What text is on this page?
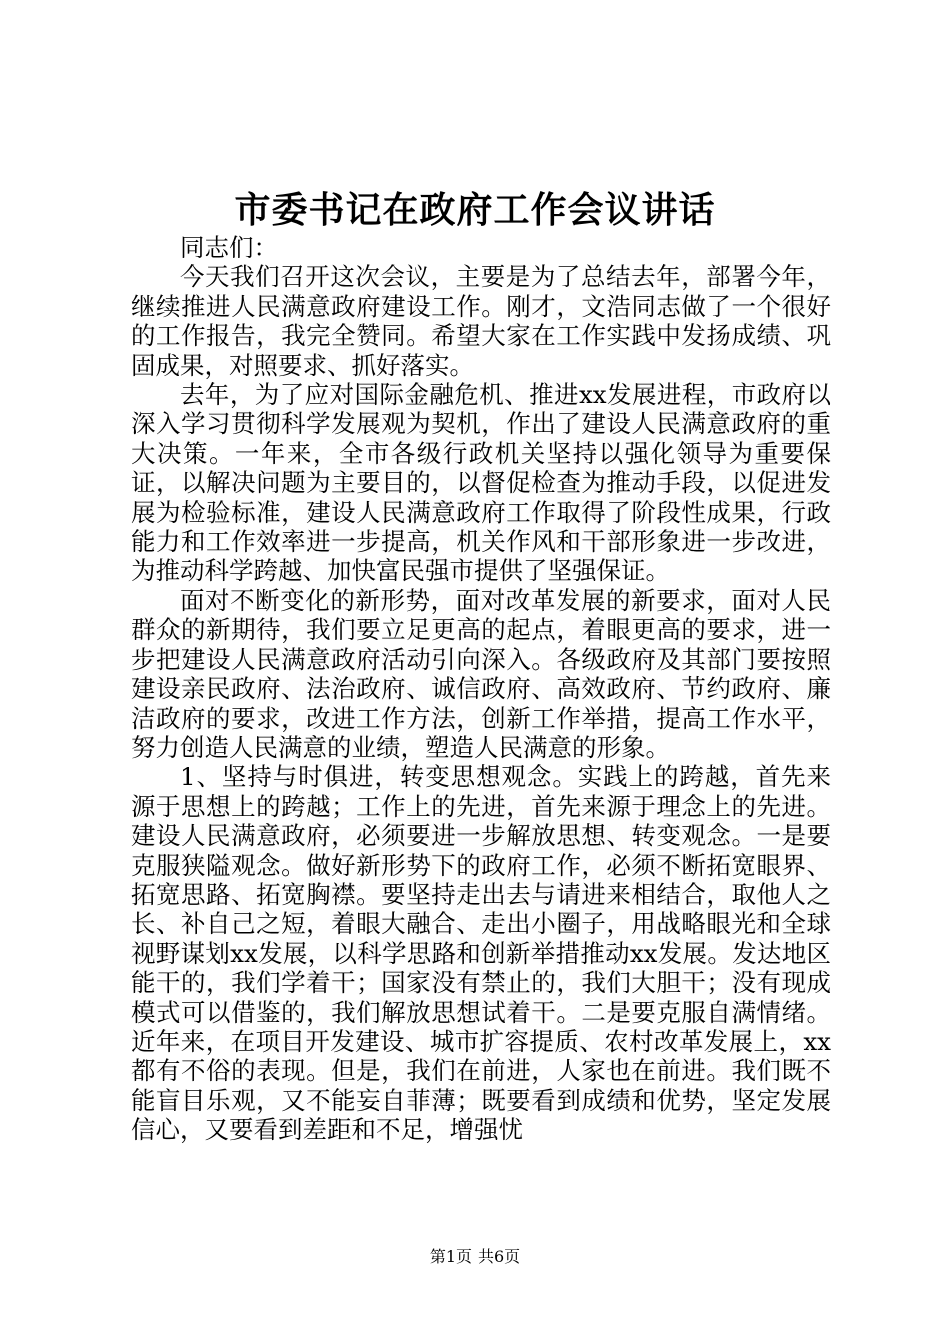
市委书记在政府工作会议讲话

同志们：

今天我们召开这次会议，主要是为了总结去年，部署今年，继续推进人民满意政府建设工作。刚才，文浩同志做了一个很好的工作报告，我完全赞同。希望大家在工作实践中发扬成绩、巩固成果，对照要求、抓好落实。

去年，为了应对国际金融危机、推进xx发展进程，市政府以深入学习贯彻科学发展观为契机，作出了建设人民满意政府的重大决策。一年来，全市各级行政机关坚持以强化领导为重要保证，以解决问题为主要目的，以督促检查为推动手段，以促进发展为检验标准，建设人民满意政府工作取得了阶段性成果，行政能力和工作效率进一步提高，机关作风和干部形象进一步改进，为推动科学跨越、加快富民强市提供了坚强保证。

面对不断变化的新形势，面对改革发展的新要求，面对人民群众的新期待，我们要立足更高的起点，着眼更高的要求，进一步把建设人民满意政府活动引向深入。各级政府及其部门要按照建设亲民政府、法治政府、诚信政府、高效政府、节约政府、廉洁政府的要求，改进工作方法，创新工作举措，提高工作水平，努力创造人民满意的业绩，塑造人民满意的形象。

1、坚持与时俱进，转变思想观念。实践上的跨越，首先来源于思想上的跨越；工作上的先进，首先来源于理念上的先进。建设人民满意政府，必须要进一步解放思想、转变观念。一是要克服狭隘观念。做好新形势下的政府工作，必须不断拓宽眼界、拓宽思路、拓宽胸襟。要坚持走出去与请进来相结合，取他人之长、补自己之短，着眼大融合、走出小圈子，用战略眼光和全球视野谋划xx发展，以科学思路和创新举措推动xx发展。发达地区能干的，我们学着干；国家没有禁止的，我们大胆干；没有现成模式可以借鉴的，我们解放思想试着干。二是要克服自满情绪。近年来，在项目开发建设、城市扩容提质、农村改革发展上，xx都有不俗的表现。但是，我们在前进，人家也在前进。我们既不能盲目乐观，又不能妄自菲薄；既要看到成绩和优势，坚定发展信心，又要看到差距和不足，增强忧

第1页 共6页
